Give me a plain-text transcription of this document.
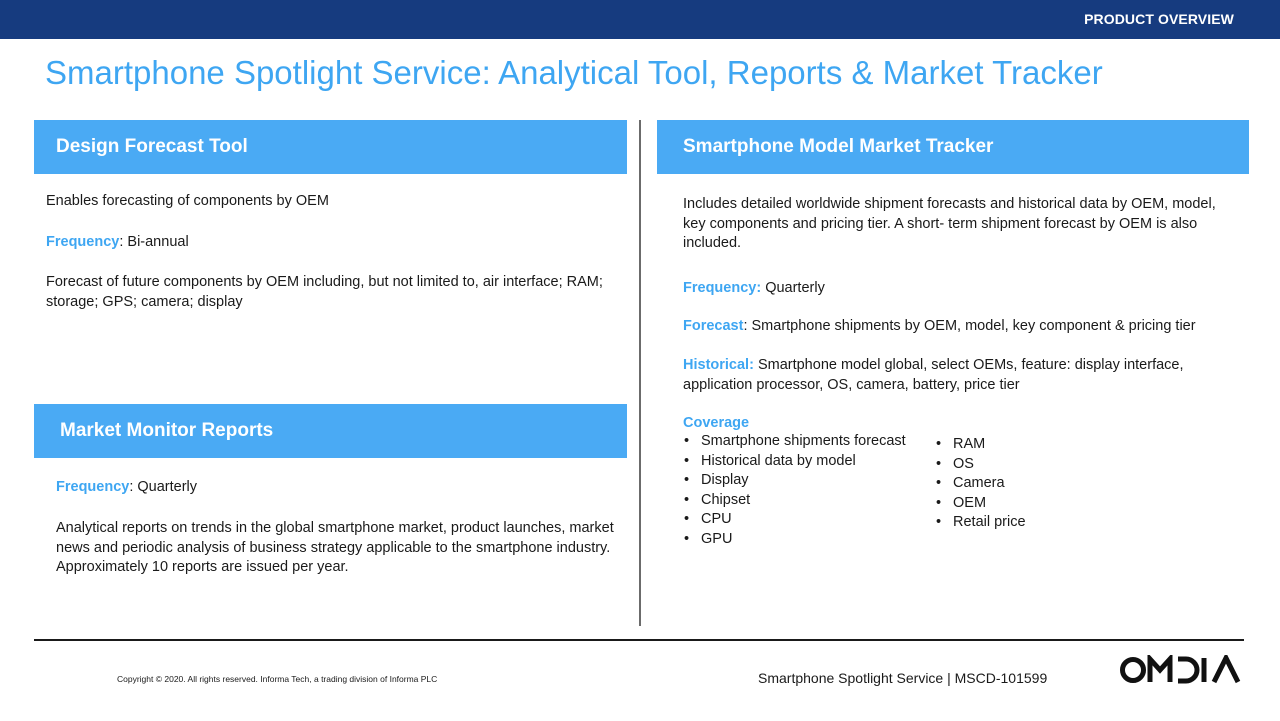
PRODUCT OVERVIEW
Smartphone Spotlight Service: Analytical Tool, Reports & Market Tracker
Design Forecast Tool
Enables forecasting of components by OEM
Frequency: Bi-annual
Forecast of future components by OEM including, but not limited to, air interface; RAM; storage; GPS; camera; display
Market Monitor Reports
Frequency: Quarterly
Analytical reports on trends in the global smartphone market, product launches, market news and periodic analysis of business strategy applicable to the smartphone industry. Approximately 10 reports are issued per year.
Smartphone Model Market Tracker
Includes detailed worldwide shipment forecasts and historical data by OEM, model, key components and pricing tier. A short- term shipment forecast by OEM is also included.
Frequency: Quarterly
Forecast: Smartphone shipments by OEM, model, key component & pricing tier
Historical: Smartphone model global, select OEMs, feature: display interface, application processor, OS, camera, battery, price tier
Coverage
• Smartphone shipments forecast
• Historical data by model
• Display
• Chipset
• CPU
• GPU
• RAM
• OS
• Camera
• OEM
• Retail price
Copyright © 2020. All rights reserved. Informa Tech, a trading division of Informa PLC	Smartphone Spotlight Service | MSCD-101599
